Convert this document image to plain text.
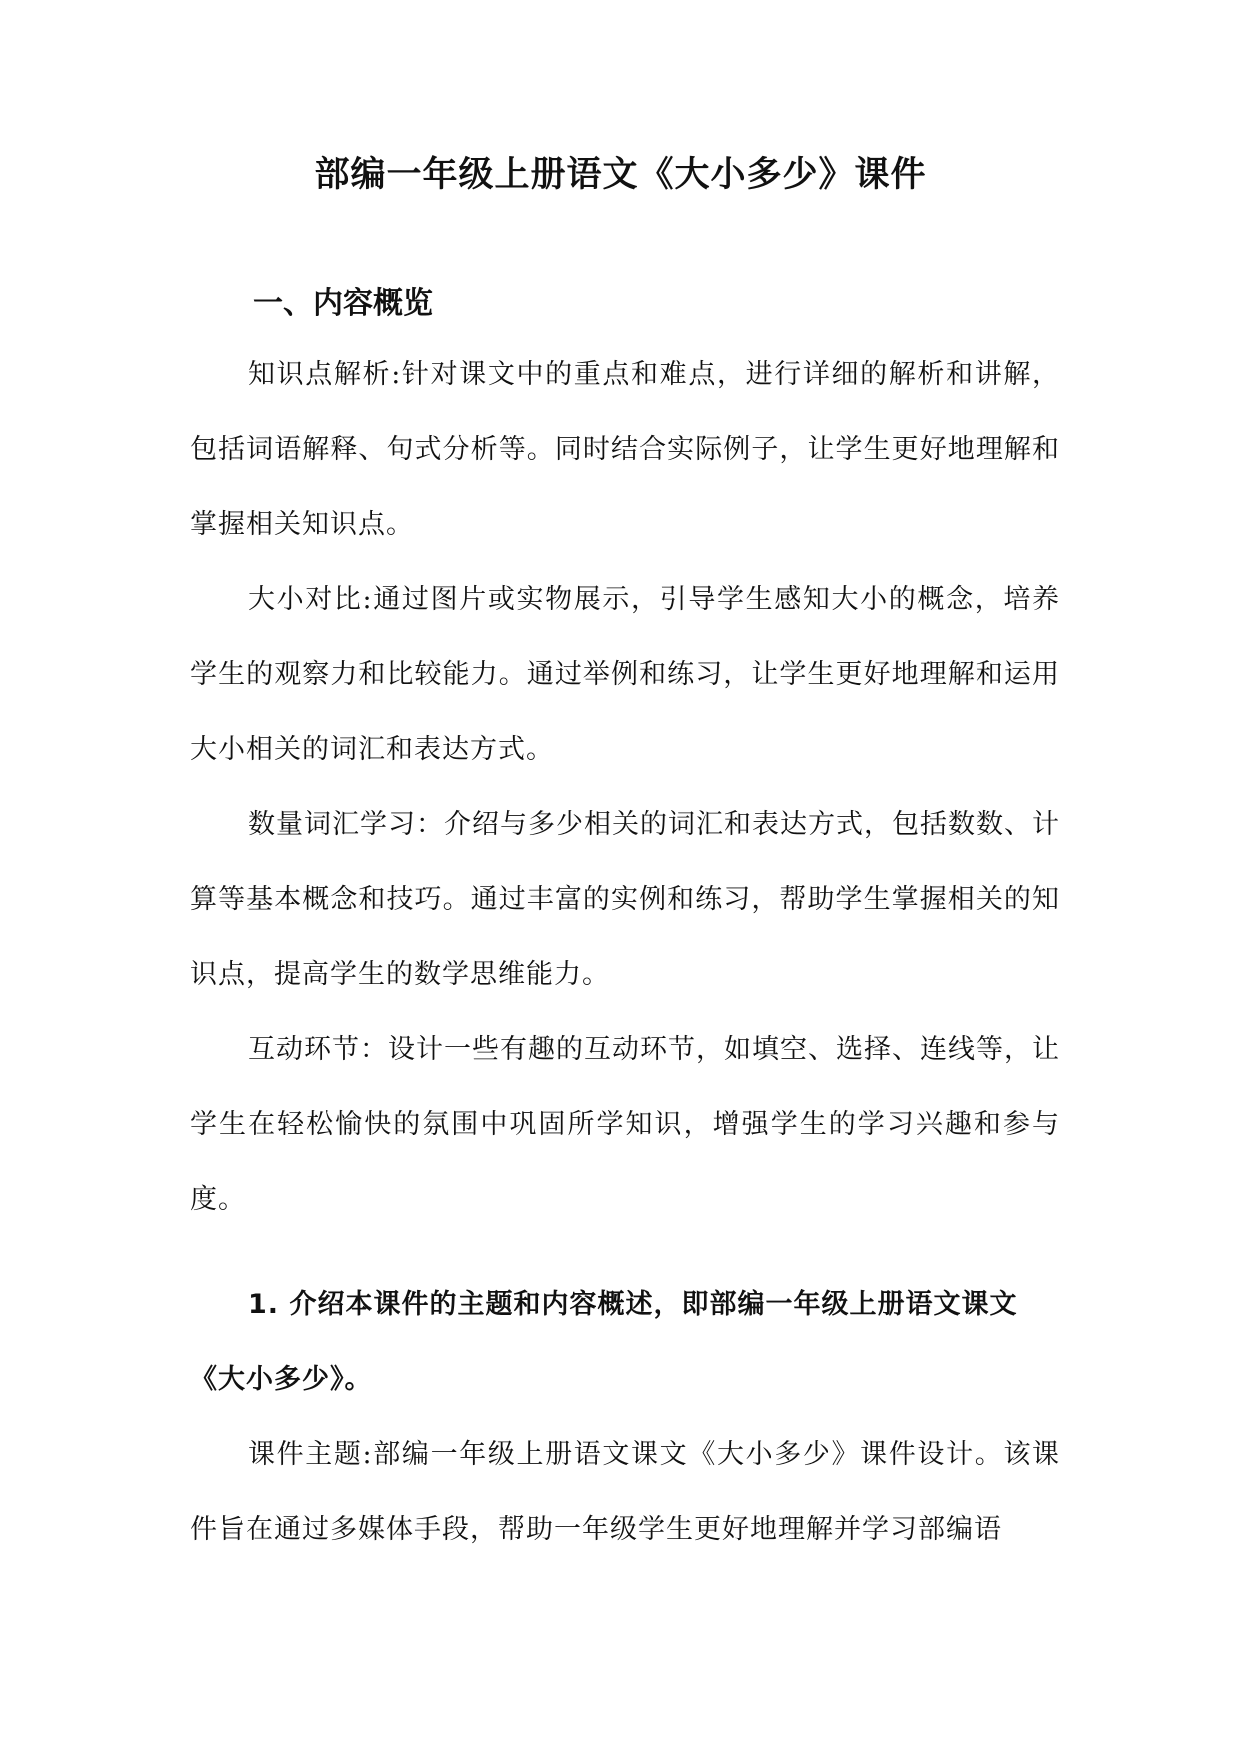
部编一年级上册语文《大小多少》课件
一、内容概览

知识点解析:针对课文中的重点和难点，进行详细的解析和讲解，包括词语解释、句式分析等。同时结合实际例子，让学生更好地理解和掌握相关知识点。

大小对比:通过图片或实物展示，引导学生感知大小的概念，培养学生的观察力和比较能力。通过举例和练习，让学生更好地理解和运用大小相关的词汇和表达方式。

数量词汇学习：介绍与多少相关的词汇和表达方式，包括数数、计算等基本概念和技巧。通过丰富的实例和练习，帮助学生掌握相关的知识点，提高学生的数学思维能力。

互动环节：设计一些有趣的互动环节，如填空、选择、连线等，让学生在轻松愉快的氛围中巩固所学知识，增强学生的学习兴趣和参与度。

1. 介绍本课件的主题和内容概述，即部编一年级上册语文课文《大小多少》。

课件主题:部编一年级上册语文课文《大小多少》课件设计。该课件旨在通过多媒体手段，帮助一年级学生更好地理解并学习部编语
